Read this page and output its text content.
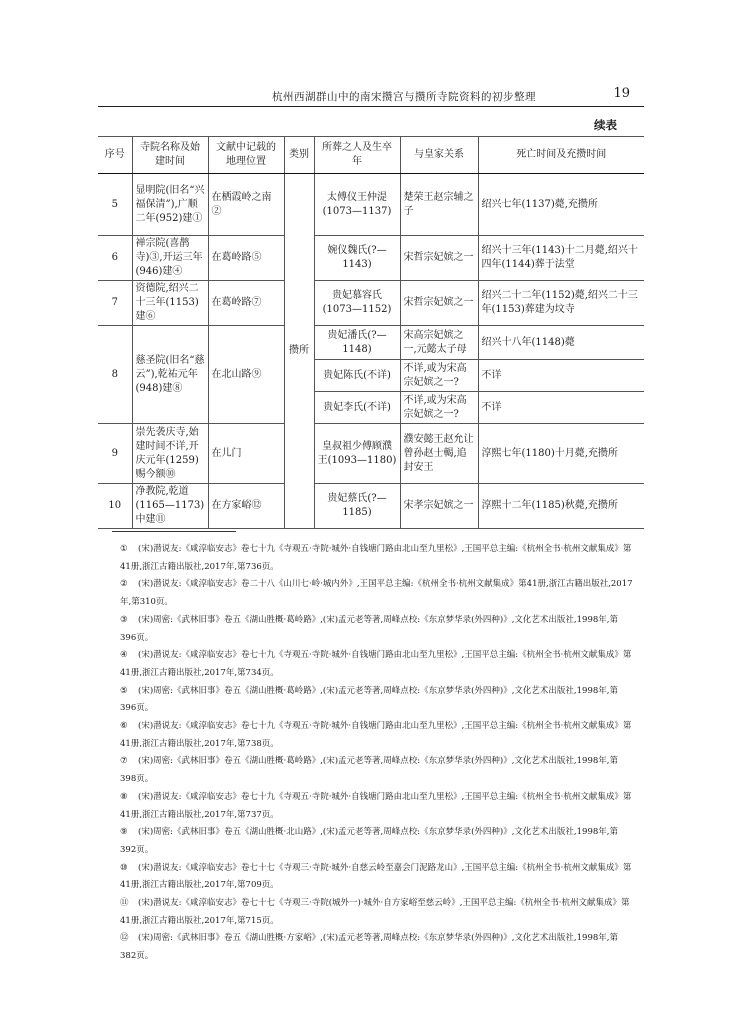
杭州西湖群山中的南宋攒宫与攒所寺院资料的初步整理	19
续表
序号	寺院名称及始建时间	文献中记载的地理位置	类别	所葬之人及生卒年	与皇家关系	死亡时间及充攒时间
5	显明院(旧名“兴福保清”),广顺二年(952)建①	在栖霞岭之南②	攒所	太傅仪王仲湜(1073—1137)	楚荣王赵宗辅之子	绍兴七年(1137)薨,充攒所
6	禅宗院(喜鹊寺)③,开运三年(946)建④	在葛岭路⑤		婉仪魏氏(?—1143)	宋哲宗妃嫔之一	绍兴十三年(1143)十二月薨,绍兴十四年(1144)葬于法堂
7	资德院,绍兴二十三年(1153)建⑥	在葛岭路⑦		贵妃慕容氏(1073—1152)	宋哲宗妃嫔之一	绍兴二十二年(1152)薨,绍兴二十三年(1153)葬建为坟寺
8	慈圣院(旧名“慈云”),乾祐元年(948)建⑧	在北山路⑨		贵妃潘氏(?—1148)	宋高宗妃嫔之一,元懿太子母	绍兴十八年(1148)薨
				贵妃陈氏(不详)	不详,或为宋高宗妃嫔之一?	不详
				贵妃李氏(不详)	不详,或为宋高宗妃嫔之一?	不详
9	崇先袭庆寺,始建时间不详,开庆元年(1259)赐今额⑩	在儿门		皇叔祖少傅顾濮王(1093—1180)	濮安懿王赵允让曾孙赵士輵,追封安王	淳熙七年(1180)十月薨,充攒所
10	净教院,乾道(1165—1173)中建⑪	在方家峪⑫		贵妃蔡氏(?—1185)	宋孝宗妃嫔之一	淳熙十二年(1185)秋薨,充攒所
① (宋)潜说友:《咸淳临安志》卷七十九《寺观五·寺院·城外·自钱塘门路由北山至九里松》,王国平总主编:《杭州全书·杭州文献集成》第41册,浙江古籍出版社,2017年,第736页。
② (宋)潜说友:《咸淳临安志》卷二十八《山川七·岭·城内外》,王国平总主编:《杭州全书·杭州文献集成》第41册,浙江古籍出版社,2017年,第310页。
③ (宋)周密:《武林旧事》卷五《湖山胜概·葛岭路》,(宋)孟元老等著,周峰点校:《东京梦华录(外四种)》,文化艺术出版社,1998年,第396页。
④ (宋)潜说友:《咸淳临安志》卷七十九《寺观五·寺院·城外·自钱塘门路由北山至九里松》,王国平总主编:《杭州全书·杭州文献集成》第41册,浙江古籍出版社,2017年,第734页。
⑤ (宋)周密:《武林旧事》卷五《湖山胜概·葛岭路》,(宋)孟元老等著,周峰点校:《东京梦华录(外四种)》,文化艺术出版社,1998年,第396页。
⑥ (宋)潜说友:《咸淳临安志》卷七十九《寺观五·寺院·城外·自钱塘门路由北山至九里松》,王国平总主编:《杭州全书·杭州文献集成》第41册,浙江古籍出版社,2017年,第738页。
⑦ (宋)周密:《武林旧事》卷五《湖山胜概·葛岭路》,(宋)孟元老等著,周峰点校:《东京梦华录(外四种)》,文化艺术出版社,1998年,第398页。
⑧ (宋)潜说友:《咸淳临安志》卷七十九《寺观五·寺院·城外·自钱塘门路由北山至九里松》,王国平总主编:《杭州全书·杭州文献集成》第41册,浙江古籍出版社,2017年,第737页。
⑨ (宋)周密:《武林旧事》卷五《湖山胜概·北山路》,(宋)孟元老等著,周峰点校:《东京梦华录(外四种)》,文化艺术出版社,1998年,第392页。
⑩ (宋)潜说友:《咸淳临安志》卷七十七《寺观三·寺院·城外·自慈云岭至嘉会门泥路龙山》,王国平总主编:《杭州全书·杭州文献集成》第41册,浙江古籍出版社,2017年,第709页。
⑪ (宋)潜说友:《咸淳临安志》卷七十七《寺观三·寺院(城外一)·城外·自方家峪至慈云岭》,王国平总主编:《杭州全书·杭州文献集成》第41册,浙江古籍出版社,2017年,第715页。
⑫ (宋)周密:《武林旧事》卷五《湖山胜概·方家峪》,(宋)孟元老等著,周峰点校:《东京梦华录(外四种)》,文化艺术出版社,1998年,第382页。
